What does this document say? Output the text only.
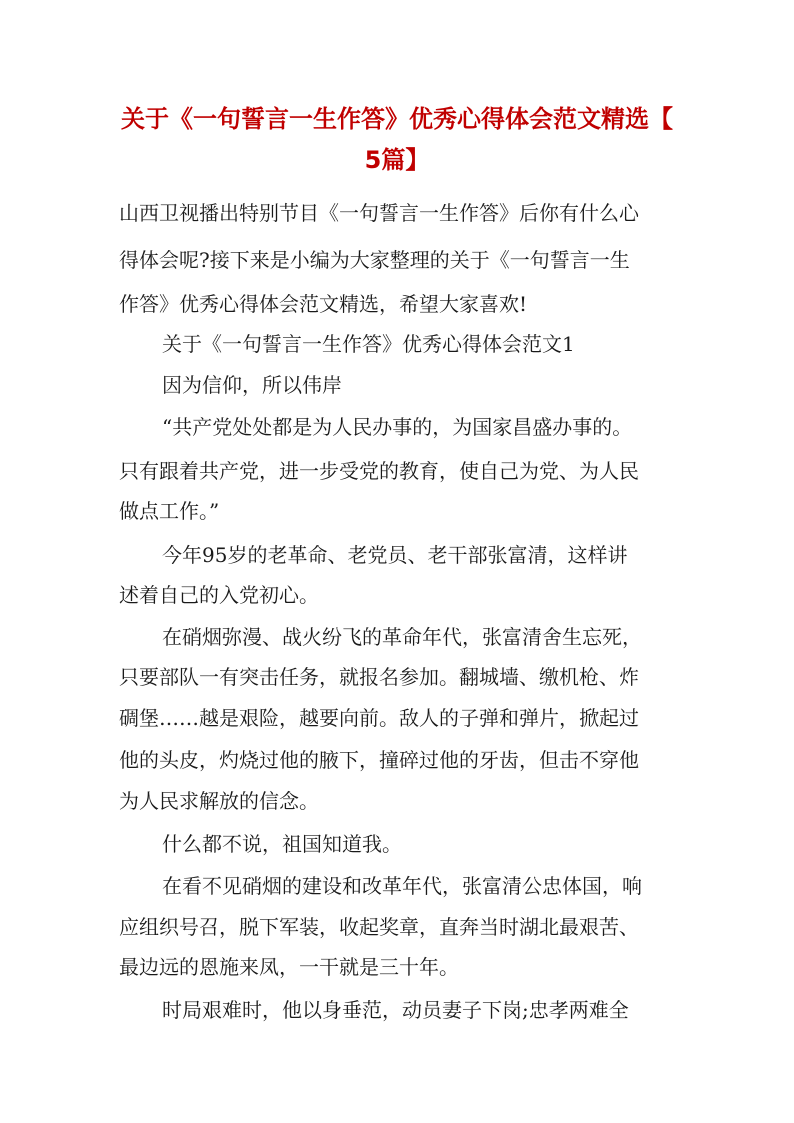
关于《一句誓言一生作答》优秀心得体会范文精选【
5篇】
山西卫视播出特别节目《一句誓言一生作答》后你有什么心
得体会呢?接下来是小编为大家整理的关于《一句誓言一生
作答》优秀心得体会范文精选，希望大家喜欢!
关于《一句誓言一生作答》优秀心得体会范文1
因为信仰，所以伟岸
“共产党处处都是为人民办事的，为国家昌盛办事的。
只有跟着共产党，进一步受党的教育，使自己为党、为人民
做点工作。”
今年95岁的老革命、老党员、老干部张富清，这样讲
述着自己的入党初心。
在硝烟弥漫、战火纷飞的革命年代，张富清舍生忘死，
只要部队一有突击任务，就报名参加。翻城墙、缴机枪、炸
碉堡……越是艰险，越要向前。敌人的子弹和弹片，掀起过
他的头皮，灼烧过他的腋下，撞碎过他的牙齿，但击不穿他
为人民求解放的信念。
什么都不说，祖国知道我。
在看不见硝烟的建设和改革年代，张富清公忠体国，响
应组织号召，脱下军装，收起奖章，直奔当时湖北最艰苦、
最边远的恩施来凤，一干就是三十年。
时局艰难时，他以身垂范，动员妻子下岗;忠孝两难全
